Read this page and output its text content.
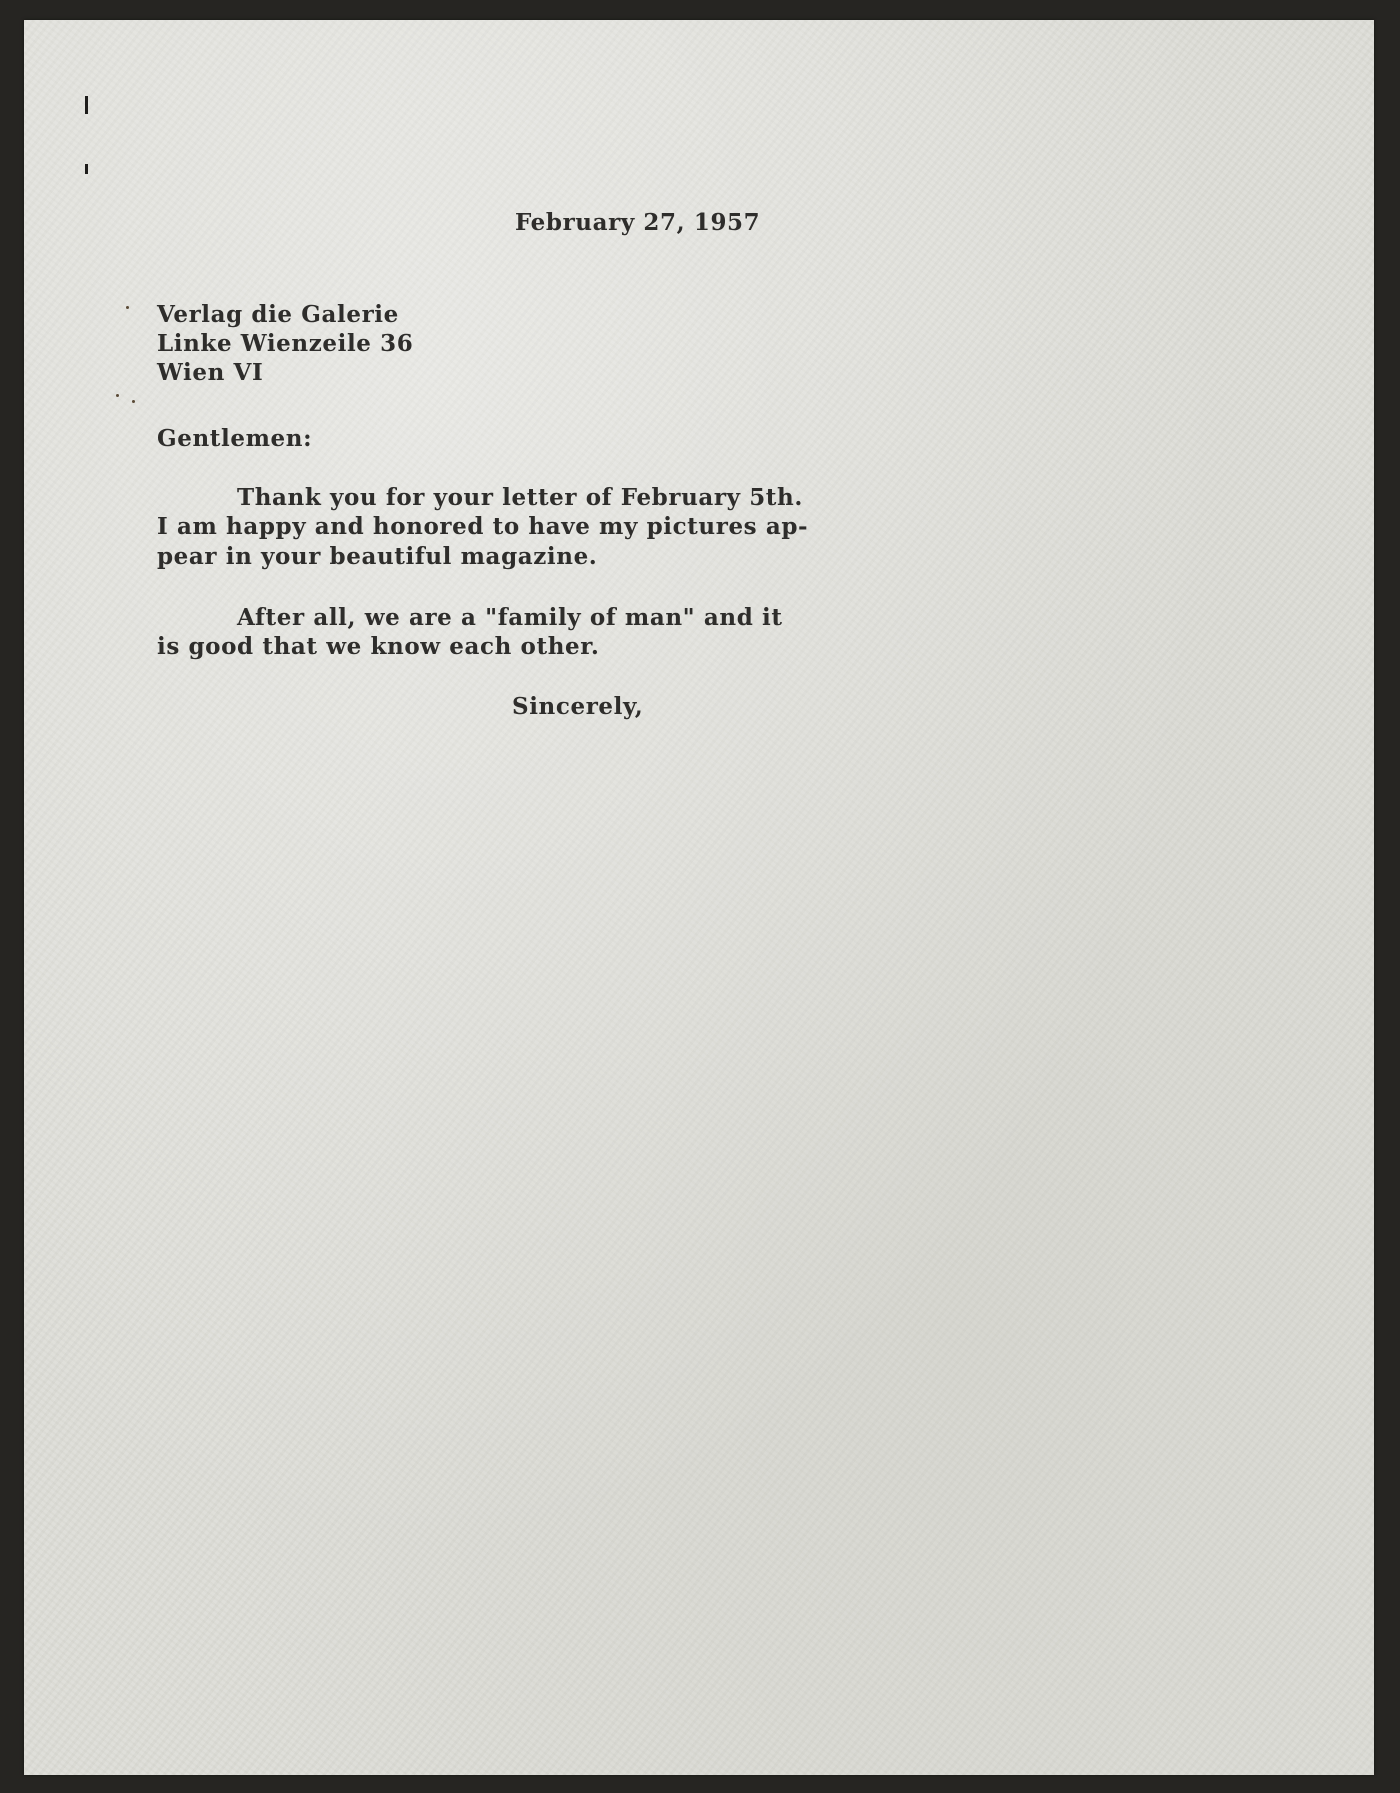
February 27, 1957
Verlag die Galerie
Linke Wienzeile 36
Wien VI
Gentlemen:
Thank you for your letter of February 5th.
I am happy and honored to have my pictures ap-
pear in your beautiful magazine.
After all, we are a "family of man" and it
is good that we know each other.
Sincerely,
